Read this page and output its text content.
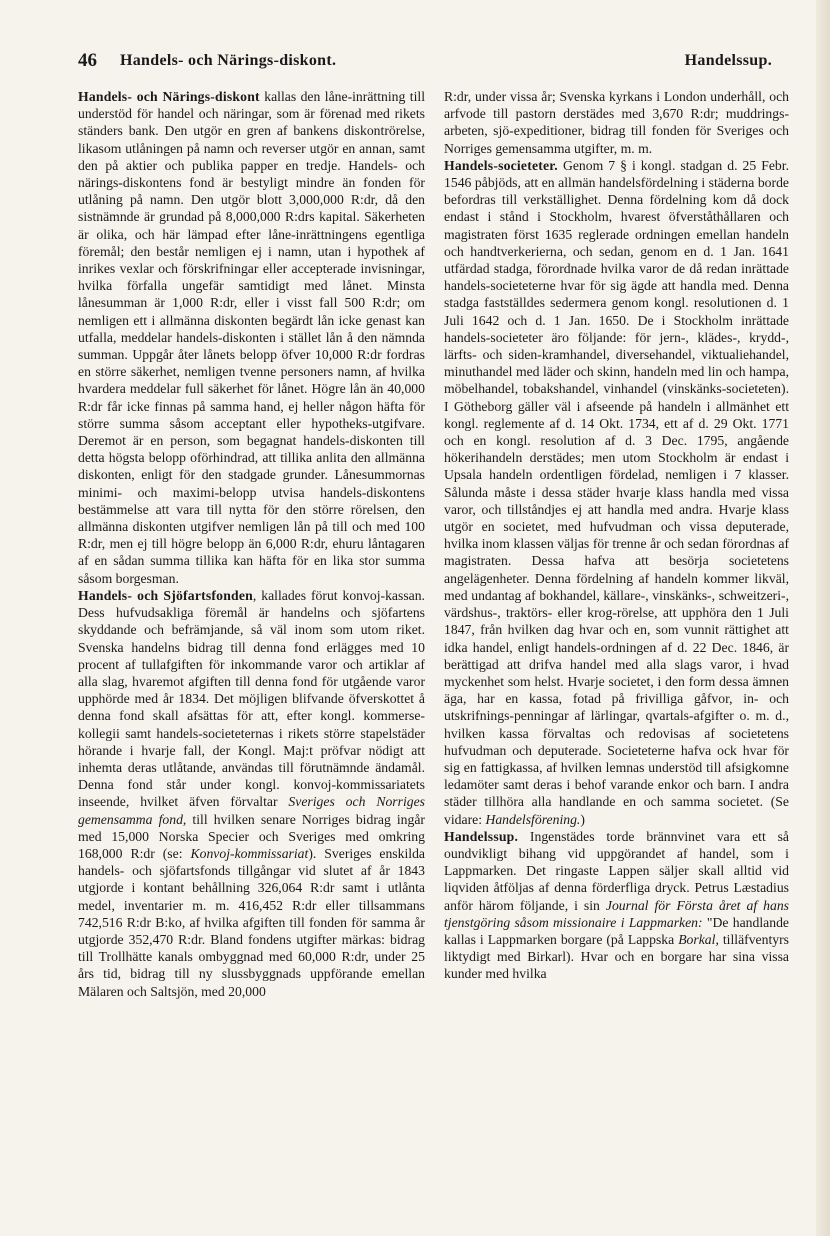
46 Handels- och Närings-diskont.	Handelssup.

Handels- och Närings-diskont kallas den låne-inrättning till understöd för handel och näringar, som är förenad med rikets ständers bank. Den utgör en gren af bankens diskontrörelse, likasom utlåningen på namn och reverser utgör en annan, samt den på aktier och publika papper en tredje. Handels- och närings-diskontens fond är bestyligt mindre än fonden för utlåning på namn. Den utgör blott 3,000,000 R:dr, då den sistnämnde är grundad på 8,000,000 R:drs kapital. Säkerheten är olika, och här lämpad efter låne-inrättningens egentliga föremål; den består nemligen ej i namn, utan i hypothek af inrikes vexlar och förskrifningar eller accepterade invisningar, hvilka förfalla ungefär samtidigt med lånet. Minsta lånesumman är 1,000 R:dr, eller i visst fall 500 R:dr; om nemligen ett i allmänna diskonten begärdt lån icke genast kan utfalla, meddelar handels-diskonten i stället lån å den nämnda summan. Uppgår åter lånets belopp öfver 10,000 R:dr fordras en större säkerhet, nemligen tvenne personers namn, af hvilka hvardera meddelar full säkerhet för lånet. Högre lån än 40,000 R:dr får icke finnas på samma hand, ej heller någon häfta för större summa såsom acceptant eller hypotheks-utgifvare. Deremot är en person, som begagnat handels-diskonten till detta högsta belopp oförhindrad, att tillika anlita den allmänna diskonten, enligt för den stadgade grunder. Lånesummornas minimi- och maximi-belopp utvisa handels-diskontens bestämmelse att vara till nytta för den större rörelsen, den allmänna diskonten utgifver nemligen lån på till och med 100 R:dr, men ej till högre belopp än 6,000 R:dr, ehuru låntagaren af en sådan summa tillika kan häfta för en lika stor summa såsom borgesman.

Handels- och Sjöfartsfonden, kallades förut konvoj-kassan. Dess hufvudsakliga föremål är handelns och sjöfartens skyddande och befrämjande, så väl inom som utom riket. Svenska handelns bidrag till denna fond erlägges med 10 procent af tullafgiften för inkommande varor och artiklar af alla slag, hvaremot afgiften till denna fond för utgående varor upphörde med år 1834. Det möjligen blifvande öfverskottet å denna fond skall afsättas för att, efter kongl. kommerse-kollegii samt handels-societeternas i rikets större stapelstäder hörande i hvarje fall, der Kongl. Maj:t pröfvar nödigt att inhemta deras utlåtande, användas till förutnämnde ändamål. Denna fond står under kongl. konvoj-kommissariatets inseende, hvilket äfven förvaltar Sveriges och Norriges gemensamma fond, till hvilken senare Norriges bidrag ingår med 15,000 Norska Specier och Sveriges med omkring 168,000 R:dr (se: Konvoj-kommissariat). Sveriges enskilda handels- och sjöfartsfonds tillgångar vid slutet af år 1843 utgjorde i kontant behållning 326,064 R:dr samt i utlånta medel, inventarier m. m. 416,452 R:dr eller tillsammans 742,516 R:dr B:ko, af hvilka afgiften till fonden för samma år utgjorde 352,470 R:dr. Bland fondens utgifter märkas: bidrag till Trollhätte kanals ombyggnad med 60,000 R:dr, under 25 års tid, bidrag till ny slussbyggnads uppförande emellan Mälaren och Saltsjön, med 20,000

R:dr, under vissa år; Svenska kyrkans i London underhåll, och arfvode till pastorn derstädes med 3,670 R:dr; muddrings-arbeten, sjö-expeditioner, bidrag till fonden för Sveriges och Norriges gemensamma utgifter, m. m.

Handels-societeter. Genom 7 § i kongl. stadgan d. 25 Febr. 1546 påbjöds, att en allmän handelsfördelning i städerna borde befordras till verkställighet. Denna fördelning kom då dock endast i stånd i Stockholm, hvarest öfverståthållaren och magistraten först 1635 reglerade ordningen emellan handeln och handtverkerierna, och sedan, genom en d. 1 Jan. 1641 utfärdad stadga, förordnade hvilka varor de då redan inrättade handels-societeterne hvar för sig ägde att handla med. Denna stadga fastställdes sedermera genom kongl. resolutionen d. 1 Juli 1642 och d. 1 Jan. 1650. De i Stockholm inrättade handels-societeter äro följande: för jern-, klädes-, krydd-, lärfts- och siden-kramhandel, diversehandel, viktualiehandel, minuthandel med läder och skinn, handeln med lin och hampa, möbelhandel, tobakshandel, vinhandel (vinskänks-societeten). I Götheborg gäller väl i afseende på handeln i allmänhet ett kongl. reglemente af d. 14 Okt. 1734, ett af d. 29 Okt. 1771 och en kongl. resolution af d. 3 Dec. 1795, angående hökerihandeln derstädes; men utom Stockholm är endast i Upsala handeln ordentligen fördelad, nemligen i 7 klasser. Sålunda måste i dessa städer hvarje klass handla med vissa varor, och tillståndjes ej att handla med andra. Hvarje klass utgör en societet, med hufvudman och vissa deputerade, hvilka inom klassen väljas för trenne år och sedan förordnas af magistraten. Dessa hafva att besörja societetens angelägenheter. Denna fördelning af handeln kommer likväl, med undantag af bokhandel, källare-, vinskänks-, schweitzeri-, värdshus-, traktörs- eller krog-rörelse, att upphöra den 1 Juli 1847, från hvilken dag hvar och en, som vunnit rättighet att idka handel, enligt handels-ordningen af d. 22 Dec. 1846, är berättigad att drifva handel med alla slags varor, i hvad myckenhet som helst. Hvarje societet, i den form dessa ämnen äga, har en kassa, fotad på frivilliga gåfvor, in- och utskrifnings-penningar af lärlingar, qvartals-afgifter o. m. d., hvilken kassa förvaltas och redovisas af societetens hufvudman och deputerade. Societeterne hafva ock hvar för sig en fattigkassa, af hvilken lemnas understöd till afsigkomne ledamöter samt deras i behof varande enkor och barn. I andra städer tillhöra alla handlande en och samma societet. (Se vidare: Handelsförening.)

Handelssup. Ingenstädes torde brännvinet vara ett så oundvikligt bihang vid uppgörandet af handel, som i Lappmarken. Det ringaste Lappen säljer skall alltid vid liqviden åtföljas af denna förderfliga dryck. Petrus Læstadius anför härom följande, i sin Journal för Första året af hans tjenstgöring såsom missionaire i Lappmarken: "De handlande kallas i Lappmarken borgare (på Lappska Borkal, tilläfventyrs liktydigt med Birkarl). Hvar och en borgare har sina vissa kunder med hvilka
